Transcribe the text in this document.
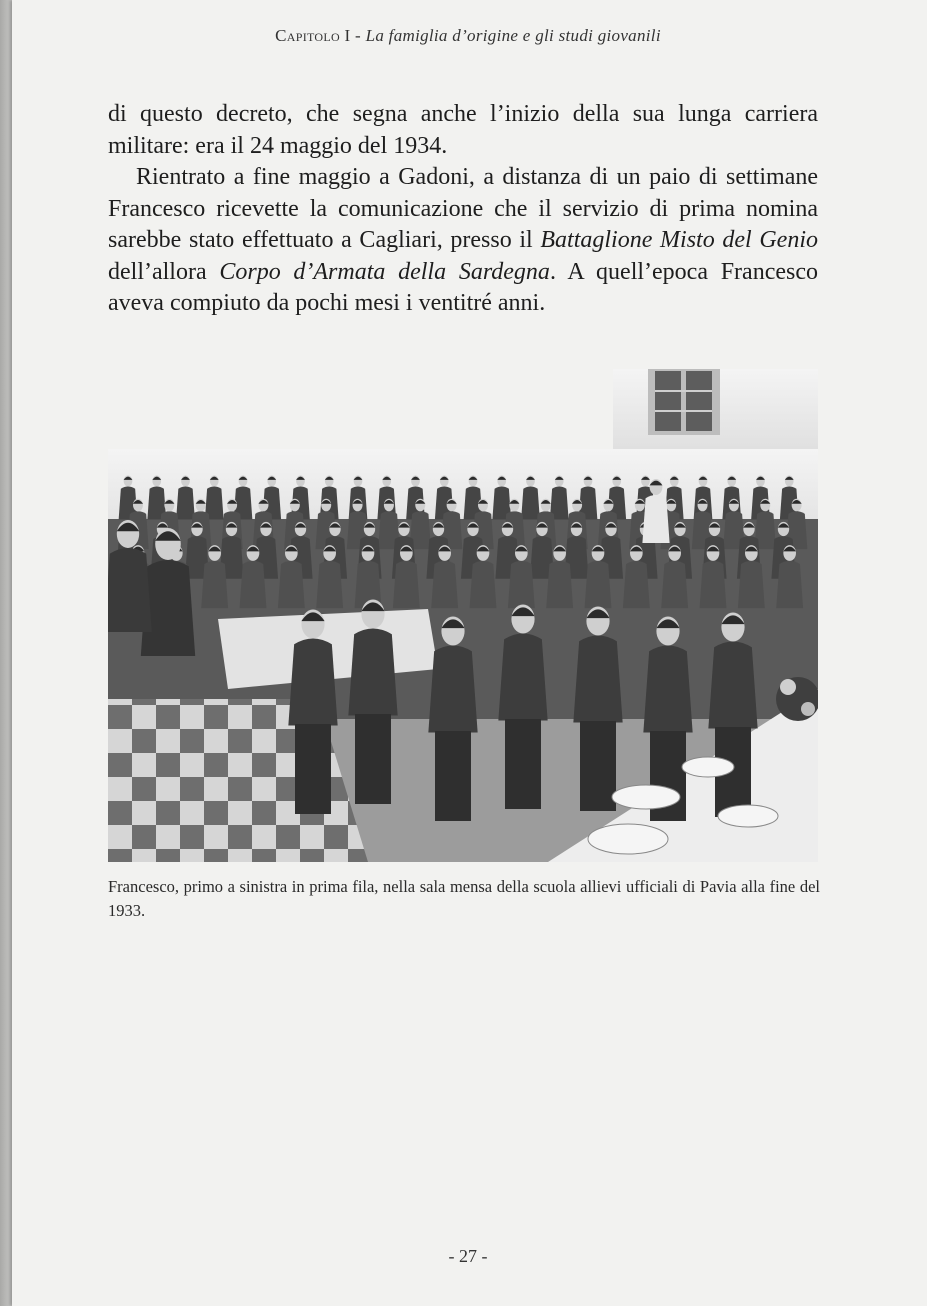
Capitolo I - La famiglia d’origine e gli studi giovanili

di questo decreto, che segna anche l’inizio della sua lunga carriera militare: era il 24 maggio del 1934.

Rientrato a fine maggio a Gadoni, a distanza di un paio di settimane Francesco ricevette la comunicazione che il servizio di prima nomina sarebbe stato effettuato a Cagliari, presso il Battaglione Misto del Genio dell’allora Corpo d’Armata della Sardegna. A quell’epoca Francesco aveva compiuto da pochi mesi i ventitré anni.

Francesco, primo a sinistra in prima fila, nella sala mensa della scuola allievi ufficiali di Pavia alla fine del 1933.

- 27 -
